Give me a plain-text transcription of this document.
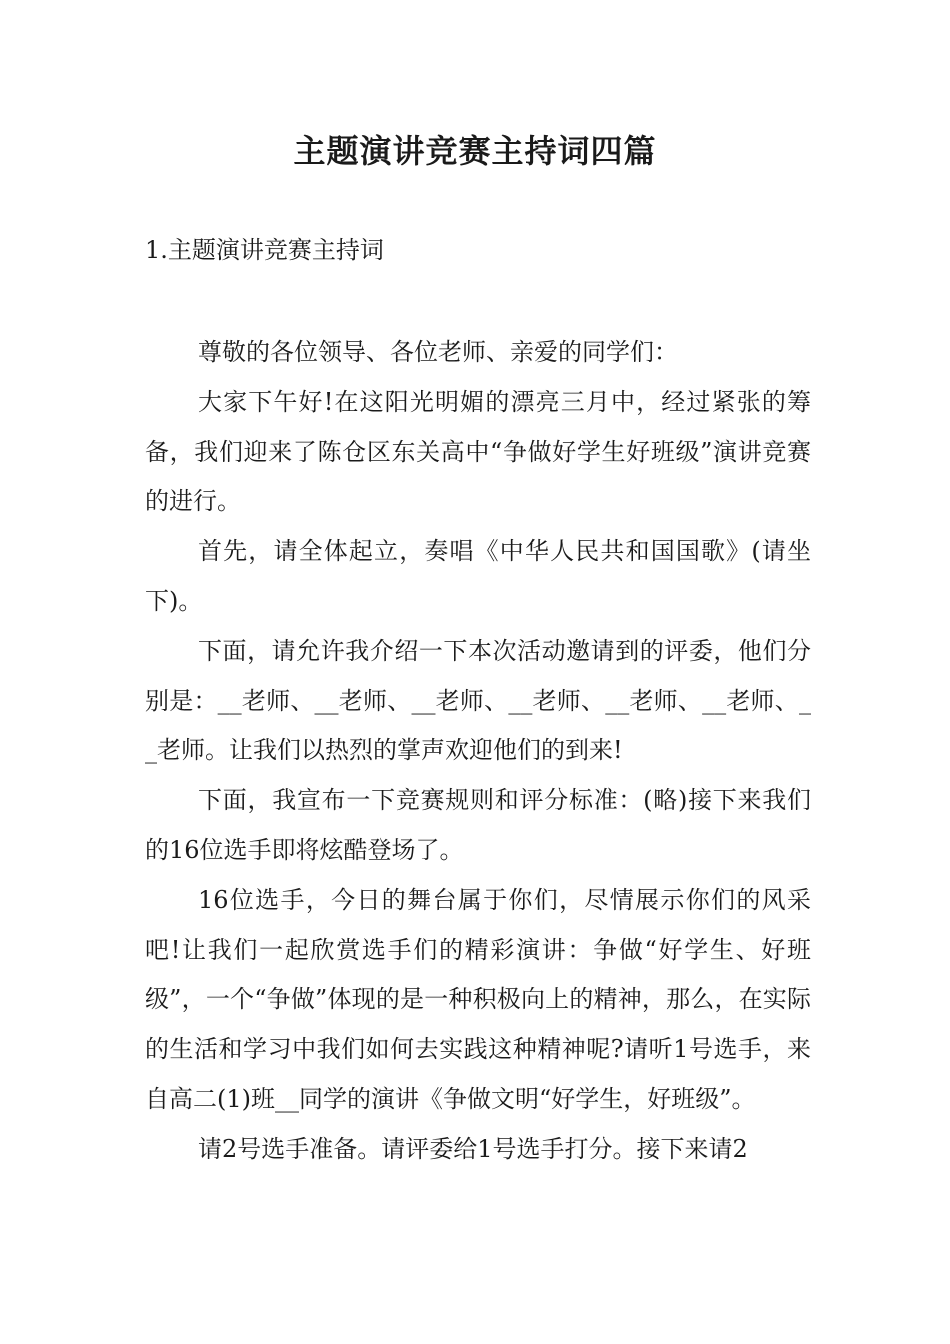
主题演讲竞赛主持词四篇
1.主题演讲竞赛主持词

尊敬的各位领导、各位老师、亲爱的同学们：

大家下午好!在这阳光明媚的漂亮三月中，经过紧张的筹备，我们迎来了陈仓区东关高中“争做好学生好班级”演讲竞赛的进行。

首先，请全体起立，奏唱《中华人民共和国国歌》(请坐下)。

下面，请允许我介绍一下本次活动邀请到的评委，他们分别是：__老师、__老师、__老师、__老师、__老师、__老师、__老师。让我们以热烈的掌声欢迎他们的到来!

下面，我宣布一下竞赛规则和评分标准：(略)接下来我们的16位选手即将炫酷登场了。

16位选手，今日的舞台属于你们，尽情展示你们的风采吧!让我们一起欣赏选手们的精彩演讲：争做“好学生、好班级”，一个“争做”体现的是一种积极向上的精神，那么，在实际的生活和学习中我们如何去实践这种精神呢?请听1号选手，来自高二(1)班__同学的演讲《争做文明“好学生，好班级”。

请2号选手准备。请评委给1号选手打分。接下来请2
